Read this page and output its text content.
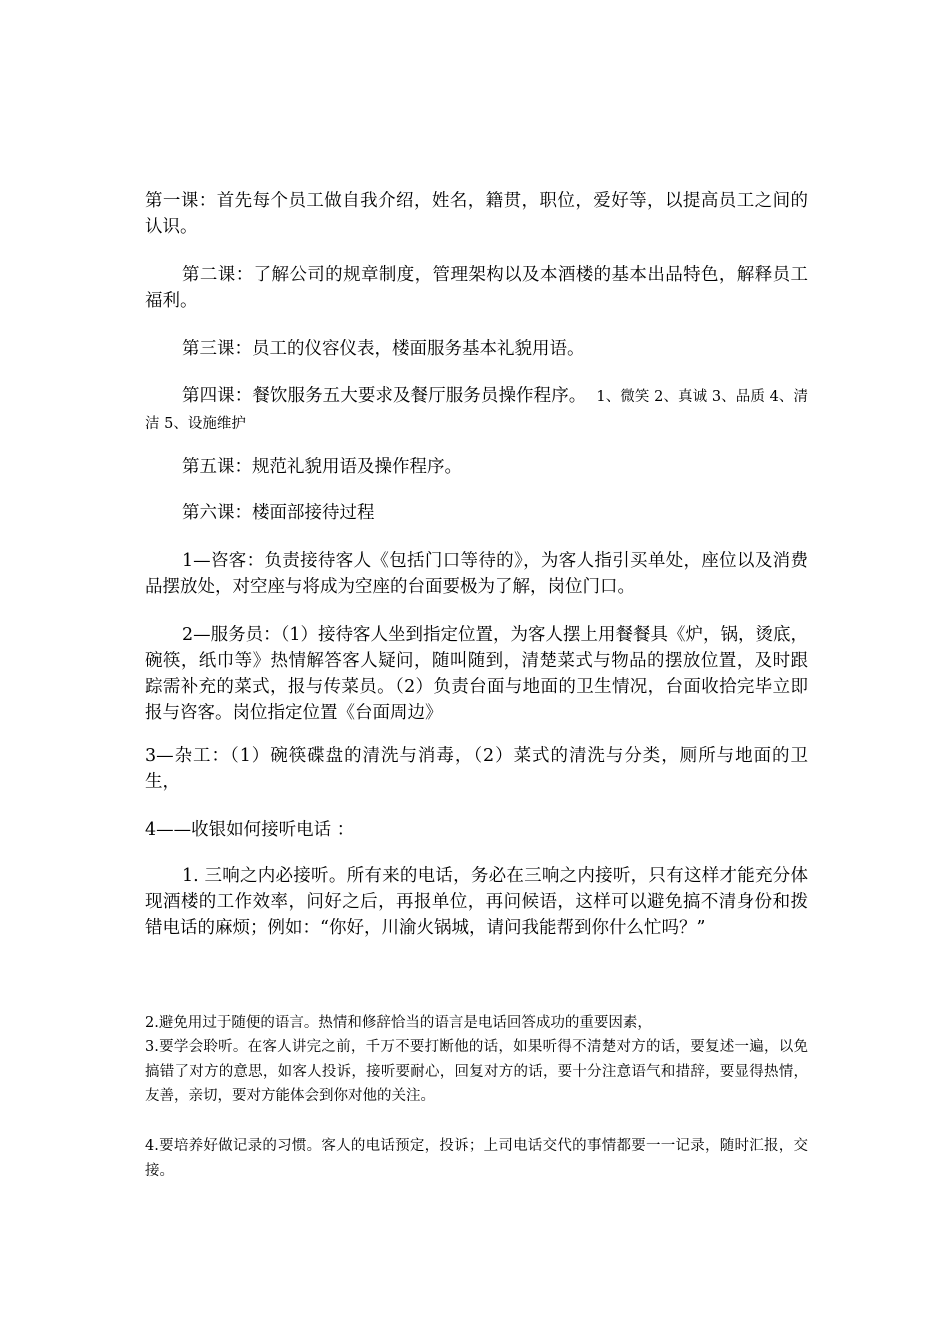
第一课：首先每个员工做自我介绍，姓名，籍贯，职位，爱好等，以提高员工之间的认识。

第二课：了解公司的规章制度，管理架构以及本酒楼的基本出品特色，解释员工福利。

第三课：员工的仪容仪表，楼面服务基本礼貌用语。

第四课：餐饮服务五大要求及餐厅服务员操作程序。 1、微笑 2、真诚 3、品质 4、清洁 5、设施维护

第五课：规范礼貌用语及操作程序。

第六课：楼面部接待过程

1—咨客：负责接待客人《包括门口等待的》，为客人指引买单处，座位以及消费品摆放处，对空座与将成为空座的台面要极为了解，岗位门口。

2—服务员：（1）接待客人坐到指定位置，为客人摆上用餐餐具《炉，锅，烫底，碗筷，纸巾等》热情解答客人疑问，随叫随到，清楚菜式与物品的摆放位置，及时跟踪需补充的菜式，报与传菜员。（2）负责台面与地面的卫生情况，台面收拾完毕立即报与咨客。岗位指定位置《台面周边》

3—杂工：（1）碗筷碟盘的清洗与消毒，（2）菜式的清洗与分类，厕所与地面的卫生，

4——收银如何接听电话 ：

1. 三响之内必接听。所有来的电话，务必在三响之内接听，只有这样才能充分体现酒楼的工作效率，问好之后，再报单位，再问候语，这样可以避免搞不清身份和拨错电话的麻烦；例如：“你好，川渝火锅城，请问我能帮到你什么忙吗？”

2.避免用过于随便的语言。热情和修辞恰当的语言是电话回答成功的重要因素，

3.要学会聆听。在客人讲完之前，千万不要打断他的话，如果听得不清楚对方的话，要复述一遍，以免搞错了对方的意思，如客人投诉，接听要耐心，回复对方的话，要十分注意语气和措辞，要显得热情，友善，亲切，要对方能体会到你对他的关注。

4.要培养好做记录的习惯。客人的电话预定，投诉；上司电话交代的事情都要一一记录，随时汇报，交接。
